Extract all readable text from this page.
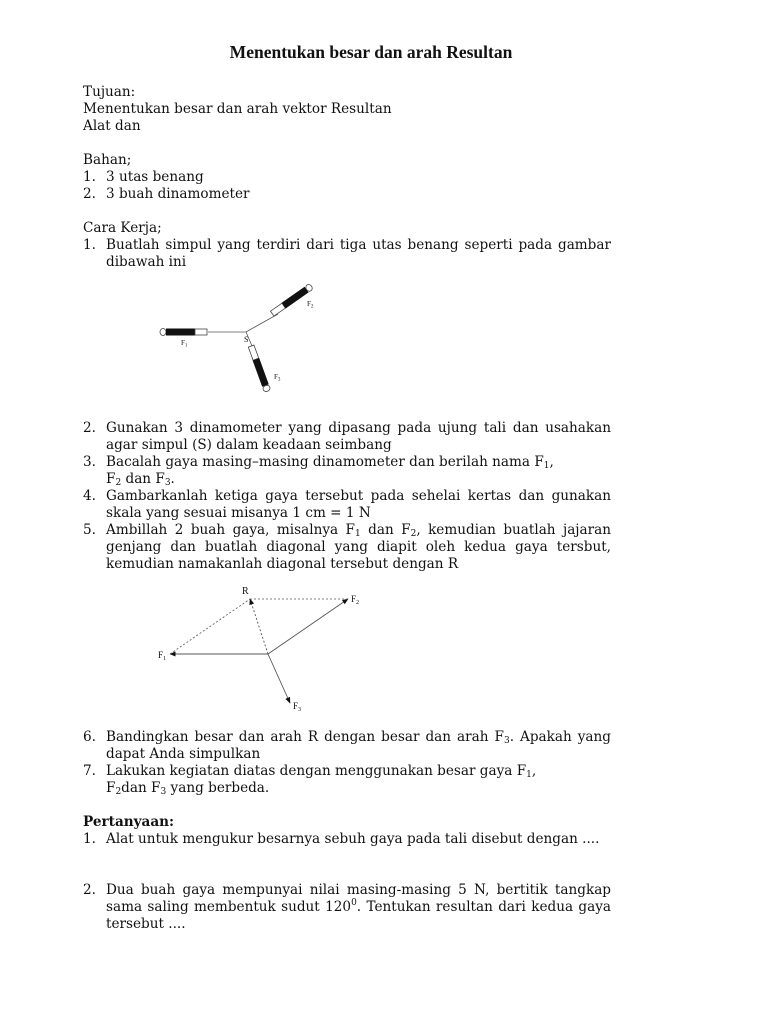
Menentukan besar dan arah Resultan
Tujuan:
Menentukan besar dan arah vektor Resultan
Alat dan
Bahan;
1. 3 utas benang
2. 3 buah dinamometer
Cara Kerja;
1. Buatlah simpul yang terdiri dari tiga utas benang seperti pada gambar dibawah ini
S
$F_1$
$F_2$
$F_3$
2. Gunakan 3 dinamometer yang dipasang pada ujung tali dan usahakan agar simpul (S) dalam keadaan seimbang
3. Bacalah gaya masing–masing dinamometer dan berilah nama $F_1$,
$F_2$ dan $F_3$.
4. Gambarkanlah ketiga gaya tersebut pada sehelai kertas dan gunakan skala yang sesuai misanya 1 cm = 1 N
5. Ambillah 2 buah gaya, misalnya $F_1$ dan $F_2$, kemudian buatlah jajaran genjang dan buatlah diagonal yang diapit oleh kedua gaya tersbut, kemudian namakanlah diagonal tersebut dengan R
R
$F_2$
$F_1$
$F_3$
6. Bandingkan besar dan arah R dengan besar dan arah $F_3$. Apakah yang dapat Anda simpulkan
7. Lakukan kegiatan diatas dengan menggunakan besar gaya $F_1$,
$F_2dan$ $F_3$ yang berbeda.
Pertanyaan:
1. Alat untuk mengukur besarnya sebuh gaya pada tali disebut dengan ....
2. Dua buah gaya mempunyai nilai masing-masing 5 N, bertitik tangkap sama saling membentuk sudut $120^0$. Tentukan resultan dari kedua gaya tersebut ....
